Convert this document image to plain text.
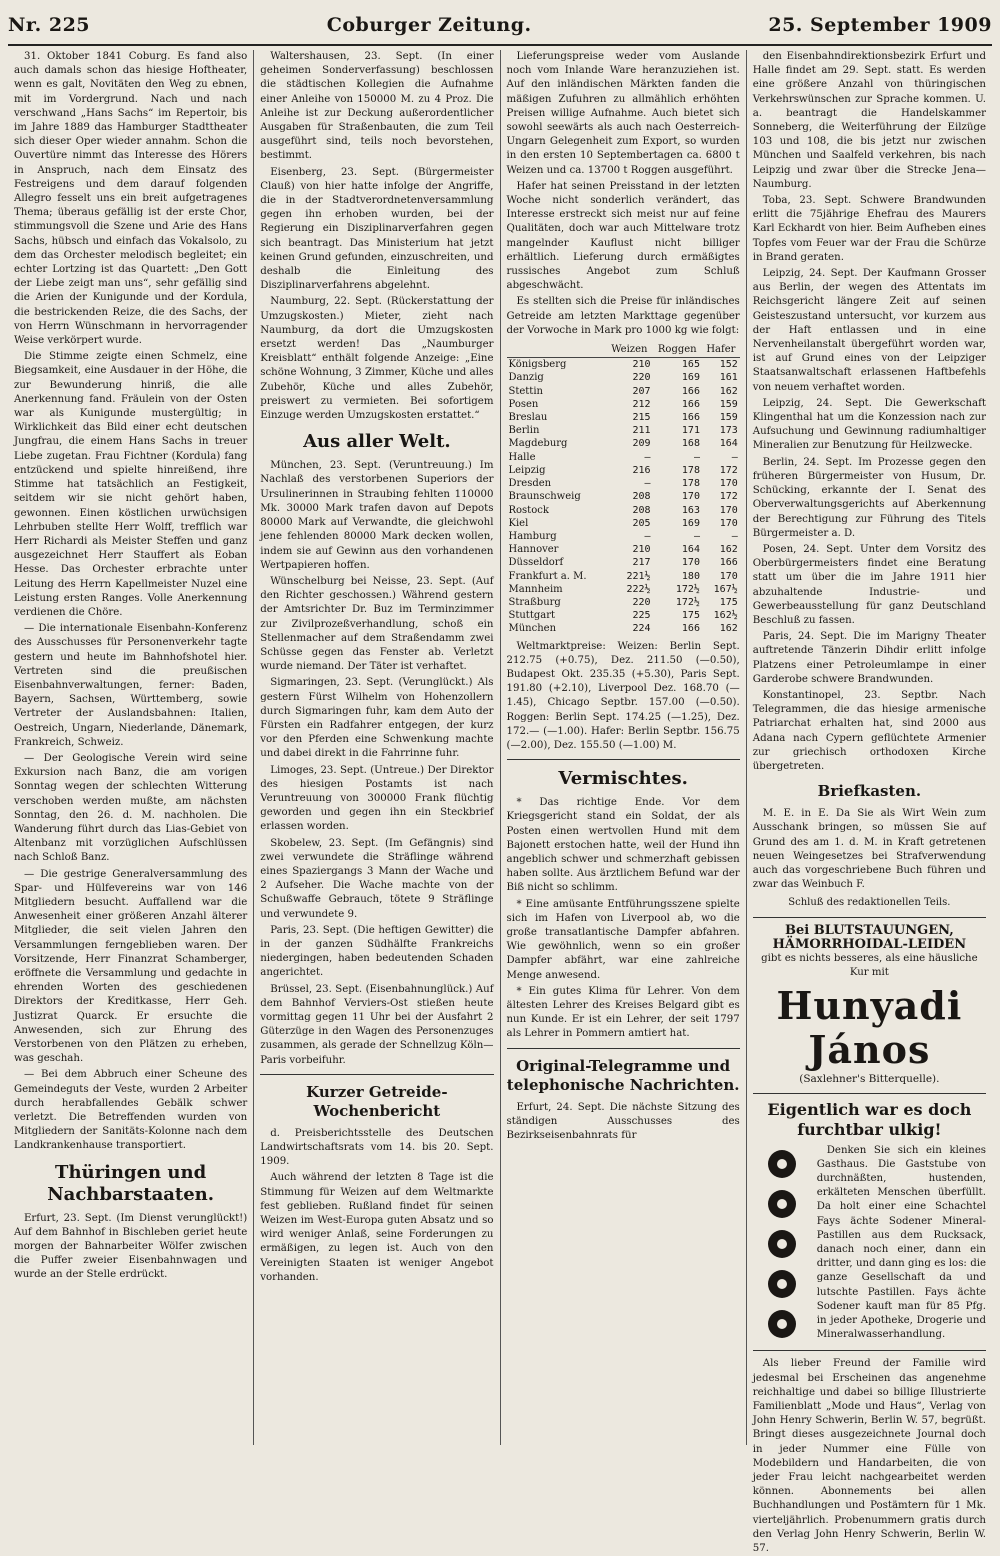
Nr. 225	Coburger Zeitung.	25. September 1909

31. Oktober 1841 Coburg. Es fand also auch damals schon das hiesige Hoftheater, wenn es galt, Novitäten den Weg zu ebnen, mit im Vordergrund. Nach und nach verschwand „Hans Sachs“ im Repertoir, bis im Jahre 1889 das Hamburger Stadttheater sich dieser Oper wieder annahm. Schon die Ouvertüre nimmt das Interesse des Hörers in Anspruch, nach dem Einsatz des Festreigens und dem darauf folgenden Allegro fesselt uns ein breit aufgetragenes Thema; überaus gefällig ist der erste Chor, stimmungsvoll die Szene und Arie des Hans Sachs, hübsch und einfach das Vokalsolo, zu dem das Orchester melodisch begleitet; ein echter Lortzing ist das Quartett: „Den Gott der Liebe zeigt man uns“, sehr gefällig sind die Arien der Kunigunde und der Kordula, die bestrickenden Reize, die des Sachs, der von Herrn Wünschmann in hervorragender Weise verkörpert wurde.

Die Stimme zeigte einen Schmelz, eine Biegsamkeit, eine Ausdauer in der Höhe, die zur Bewunderung hinriß, die alle Anerkennung fand. Fräulein von der Osten war als Kunigunde mustergültig; in Wirklichkeit das Bild einer echt deutschen Jungfrau, die einem Hans Sachs in treuer Liebe zugetan. Frau Fichtner (Kordula) fang entzückend und spielte hinreißend, ihre Stimme hat tatsächlich an Festigkeit, seitdem wir sie nicht gehört haben, gewonnen. Einen köstlichen urwüchsigen Lehrbuben stellte Herr Wolff, trefflich war Herr Richardi als Meister Steffen und ganz ausgezeichnet Herr Stauffert als Eoban Hesse. Das Orchester erbrachte unter Leitung des Herrn Kapellmeister Nuzel eine Leistung ersten Ranges. Volle Anerkennung verdienen die Chöre.

— Die internationale Eisenbahn-Konferenz des Ausschusses für Personenverkehr tagte gestern und heute im Bahnhofshotel hier. Vertreten sind die preußischen Eisenbahnverwaltungen, ferner: Baden, Bayern, Sachsen, Württemberg, sowie Vertreter der Auslandsbahnen: Italien, Oestreich, Ungarn, Niederlande, Dänemark, Frankreich, Schweiz.

— Der Geologische Verein wird seine Exkursion nach Banz, die am vorigen Sonntag wegen der schlechten Witterung verschoben werden mußte, am nächsten Sonntag, den 26. d. M. nachholen. Die Wanderung führt durch das Lias-Gebiet von Altenbanz mit vorzüglichen Aufschlüssen nach Schloß Banz.

— Die gestrige Generalversammlung des Spar- und Hülfevereins war von 146 Mitgliedern besucht. Auffallend war die Anwesenheit einer größeren Anzahl älterer Mitglieder, die seit vielen Jahren den Versammlungen ferngeblieben waren. Der Vorsitzende, Herr Finanzrat Schamberger, eröffnete die Versammlung und gedachte in ehrenden Worten des geschiedenen Direktors der Kreditkasse, Herr Geh. Justizrat Quarck. Er ersuchte die Anwesenden, sich zur Ehrung des Verstorbenen von den Plätzen zu erheben, was geschah.

— Bei dem Abbruch einer Scheune des Gemeindeguts der Veste, wurden 2 Arbeiter durch herabfallendes Gebälk schwer verletzt. Die Betreffenden wurden von Mitgliedern der Sanitäts-Kolonne nach dem Landkrankenhause transportiert.

Thüringen und Nachbarstaaten.

Erfurt, 23. Sept. (Im Dienst verunglückt!) Auf dem Bahnhof in Bischleben geriet heute morgen der Bahnarbeiter Wölfer zwischen die Puffer zweier Eisenbahnwagen und wurde an der Stelle erdrückt.

Waltershausen, 23. Sept. (In einer geheimen Sonderverfassung) beschlossen die städtischen Kollegien die Aufnahme einer Anleihe von 150000 M. zu 4 Proz. Die Anleihe ist zur Deckung außerordentlicher Ausgaben für Straßenbauten, die zum Teil ausgeführt sind, teils noch bevorstehen, bestimmt.

Eisenberg, 23. Sept. (Bürgermeister Clauß) von hier hatte infolge der Angriffe, die in der Stadtverordnetenversammlung gegen ihn erhoben wurden, bei der Regierung ein Disziplinarverfahren gegen sich beantragt. Das Ministerium hat jetzt keinen Grund gefunden, einzuschreiten, und deshalb die Einleitung des Disziplinarverfahrens abgelehnt.

Naumburg, 22. Sept. (Rückerstattung der Umzugskosten.) Mieter, zieht nach Naumburg, da dort die Umzugskosten ersetzt werden! Das „Naumburger Kreisblatt“ enthält folgende Anzeige: „Eine schöne Wohnung, 3 Zimmer, Küche und alles Zubehör, Küche und alles Zubehör, preiswert zu vermieten. Bei sofortigem Einzuge werden Umzugskosten erstattet.“

Aus aller Welt.

München, 23. Sept. (Veruntreuung.) Im Nachlaß des verstorbenen Superiors der Ursulinerinnen in Straubing fehlten 110000 Mk. 30000 Mark trafen davon auf Depots 80000 Mark auf Verwandte, die gleichwohl jene fehlenden 80000 Mark decken wollen, indem sie auf Gewinn aus den vorhandenen Wertpapieren hoffen.

Wünschelburg bei Neisse, 23. Sept. (Auf den Richter geschossen.) Während gestern der Amtsrichter Dr. Buz im Terminzimmer zur Zivilprozeßverhandlung, schoß ein Stellenmacher auf dem Straßendamm zwei Schüsse gegen das Fenster ab. Verletzt wurde niemand. Der Täter ist verhaftet.

Sigmaringen, 23. Sept. (Verunglückt.) Als gestern Fürst Wilhelm von Hohenzollern durch Sigmaringen fuhr, kam dem Auto der Fürsten ein Radfahrer entgegen, der kurz vor den Pferden eine Schwenkung machte und dabei direkt in die Fahrrinne fuhr.

Limoges, 23. Sept. (Untreue.) Der Direktor des hiesigen Postamts ist nach Veruntreuung von 300000 Frank flüchtig geworden und gegen ihn ein Steckbrief erlassen worden.

Skobelew, 23. Sept. (Im Gefängnis) sind zwei verwundete die Sträflinge während eines Spaziergangs 3 Mann der Wache und 2 Aufseher. Die Wache machte von der Schußwaffe Gebrauch, tötete 9 Sträflinge und verwundete 9.

Paris, 23. Sept. (Die heftigen Gewitter) die in der ganzen Südhälfte Frankreichs niedergingen, haben bedeutenden Schaden angerichtet.

Brüssel, 23. Sept. (Eisenbahnunglück.) Auf dem Bahnhof Verviers-Ost stießen heute vormittag gegen 11 Uhr bei der Ausfahrt 2 Güterzüge in den Wagen des Personenzuges zusammen, als gerade der Schnellzug Köln—Paris vorbeifuhr.

Kurzer Getreide-Wochenbericht

d. Preisberichtsstelle des Deutschen Landwirtschaftsrats vom 14. bis 20. Sept. 1909.

Auch während der letzten 8 Tage ist die Stimmung für Weizen auf dem Weltmarkte fest geblieben. Rußland findet für seinen Weizen im West-Europa guten Absatz und so wird weniger Anlaß, seine Forderungen zu ermäßigen, zu legen ist. Auch von den Vereinigten Staaten ist weniger Angebot vorhanden.

Lieferungspreise weder vom Auslande noch vom Inlande Ware heranzuziehen ist. Auf den inländischen Märkten fanden die mäßigen Zufuhren zu allmählich erhöhten Preisen willige Aufnahme. Auch bietet sich sowohl seewärts als auch nach Oesterreich-Ungarn Gelegenheit zum Export, so wurden in den ersten 10 Septembertagen ca. 6800 t Weizen und ca. 13700 t Roggen ausgeführt.

Hafer hat seinen Preisstand in der letzten Woche nicht sonderlich verändert, das Interesse erstreckt sich meist nur auf feine Qualitäten, doch war auch Mittelware trotz mangelnder Kauflust nicht billiger erhältlich. Lieferung durch ermäßigtes russisches Angebot zum Schluß abgeschwächt.

Es stellten sich die Preise für inländisches Getreide am letzten Markttage gegenüber der Vorwoche in Mark pro 1000 kg wie folgt:

	Weizen	Roggen	Hafer
Königsberg	210	165	152
Danzig	220	169	161
Stettin	207	166	162
Posen	212	166	159
Breslau	215	166	159
Berlin	211	171	173
Magdeburg	209	168	164
Halle	—	—	—
Leipzig	216	178	172
Dresden	—	178	170
Braunschweig	208	170	172
Rostock	208	163	170
Kiel	205	169	170
Hamburg	—	—	—
Hannover	210	164	162
Düsseldorf	217	170	166
Frankfurt a. M.	221½	180	170
Mannheim	222½	172½	167½
Straßburg	220	172½	175
Stuttgart	225	175	162½
München	224	166	162

Weltmarktpreise: Weizen: Berlin Sept. 212.75 (+0.75), Dez. 211.50 (—0.50), Budapest Okt. 235.35 (+5.30), Paris Sept. 191.80 (+2.10), Liverpool Dez. 168.70 (—1.45), Chicago Septbr. 157.00 (—0.50). Roggen: Berlin Sept. 174.25 (—1.25), Dez. 172.— (—1.00). Hafer: Berlin Septbr. 156.75 (—2.00), Dez. 155.50 (—1.00) M.

Vermischtes.

* Das richtige Ende. Vor dem Kriegsgericht stand ein Soldat, der als Posten einen wertvollen Hund mit dem Bajonett erstochen hatte, weil der Hund ihn angeblich schwer und schmerzhaft gebissen haben sollte. Aus ärztlichem Befund war der Biß nicht so schlimm.

* Eine amüsante Entführungsszene spielte sich im Hafen von Liverpool ab, wo die große transatlantische Dampfer abfahren. Wie gewöhnlich, wenn so ein großer Dampfer abfährt, war eine zahlreiche Menge anwesend.

* Ein gutes Klima für Lehrer. Von dem ältesten Lehrer des Kreises Belgard gibt es nun Kunde. Er ist ein Lehrer, der seit 1797 als Lehrer in Pommern amtiert hat.

Original-Telegramme und telephonische Nachrichten.

Erfurt, 24. Sept. Die nächste Sitzung des ständigen Ausschusses des Bezirkseisenbahnrats für

den Eisenbahndirektionsbezirk Erfurt und Halle findet am 29. Sept. statt. Es werden eine größere Anzahl von thüringischen Verkehrswünschen zur Sprache kommen. U. a. beantragt die Handelskammer Sonneberg, die Weiterführung der Eilzüge 103 und 108, die bis jetzt nur zwischen München und Saalfeld verkehren, bis nach Leipzig und zwar über die Strecke Jena—Naumburg.

Toba, 23. Sept. Schwere Brandwunden erlitt die 75jährige Ehefrau des Maurers Karl Eckhardt von hier. Beim Aufheben eines Topfes vom Feuer war der Frau die Schürze in Brand geraten.

Leipzig, 24. Sept. Der Kaufmann Grosser aus Berlin, der wegen des Attentats im Reichsgericht längere Zeit auf seinen Geisteszustand untersucht, vor kurzem aus der Haft entlassen und in eine Nervenheilanstalt übergeführt worden war, ist auf Grund eines von der Leipziger Staatsanwaltschaft erlassenen Haftbefehls von neuem verhaftet worden.

Leipzig, 24. Sept. Die Gewerkschaft Klingenthal hat um die Konzession nach zur Aufsuchung und Gewinnung radiumhaltiger Mineralien zur Benutzung für Heilzwecke.

Berlin, 24. Sept. Im Prozesse gegen den früheren Bürgermeister von Husum, Dr. Schücking, erkannte der I. Senat des Oberverwaltungsgerichts auf Aberkennung der Berechtigung zur Führung des Titels Bürgermeister a. D.

Posen, 24. Sept. Unter dem Vorsitz des Oberbürgermeisters findet eine Beratung statt um über die im Jahre 1911 hier abzuhaltende Industrie- und Gewerbeausstellung für ganz Deutschland Beschluß zu fassen.

Paris, 24. Sept. Die im Marigny Theater auftretende Tänzerin Dihdir erlitt infolge Platzens einer Petroleumlampe in einer Garderobe schwere Brandwunden.

Konstantinopel, 23. Septbr. Nach Telegrammen, die das hiesige armenische Patriarchat erhalten hat, sind 2000 aus Adana nach Cypern geflüchtete Armenier zur griechisch orthodoxen Kirche übergetreten.

Briefkasten.

M. E. in E. Da Sie als Wirt Wein zum Ausschank bringen, so müssen Sie auf Grund des am 1. d. M. in Kraft getretenen neuen Weingesetzes bei Strafverwendung auch das vorgeschriebene Buch führen und zwar das Weinbuch F.

Schluß des redaktionellen Teils.
Bei BLUTSTAUUNGEN, HÄMORRHOIDAL-LEIDEN
gibt es nichts besseres, als eine häusliche Kur mit
Hunyadi János
(Saxlehner's Bitterquelle).
Eigentlich war es doch furchtbar ulkig!

Denken Sie sich ein kleines Gasthaus. Die Gaststube von durchnäßten, hustenden, erkälteten Menschen überfüllt. Da holt einer eine Schachtel Fays ächte Sodener Mineral-Pastillen aus dem Rucksack, danach noch einer, dann ein dritter, und dann ging es los: die ganze Gesellschaft da und lutschte Pastillen. Fays ächte Sodener kauft man für 85 Pfg. in jeder Apotheke, Drogerie und Mineralwasserhandlung.

Als lieber Freund der Familie wird jedesmal bei Erscheinen das angenehme reichhaltige und dabei so billige Illustrierte Familienblatt „Mode und Haus“, Verlag von John Henry Schwerin, Berlin W. 57, begrüßt. Bringt dieses ausgezeichnete Journal doch in jeder Nummer eine Fülle von Modebildern und Handarbeiten, die von jeder Frau leicht nachgearbeitet werden können. Abonnements bei allen Buchhandlungen und Postämtern für 1 Mk. vierteljährlich. Probenummern gratis durch den Verlag John Henry Schwerin, Berlin W. 57.
